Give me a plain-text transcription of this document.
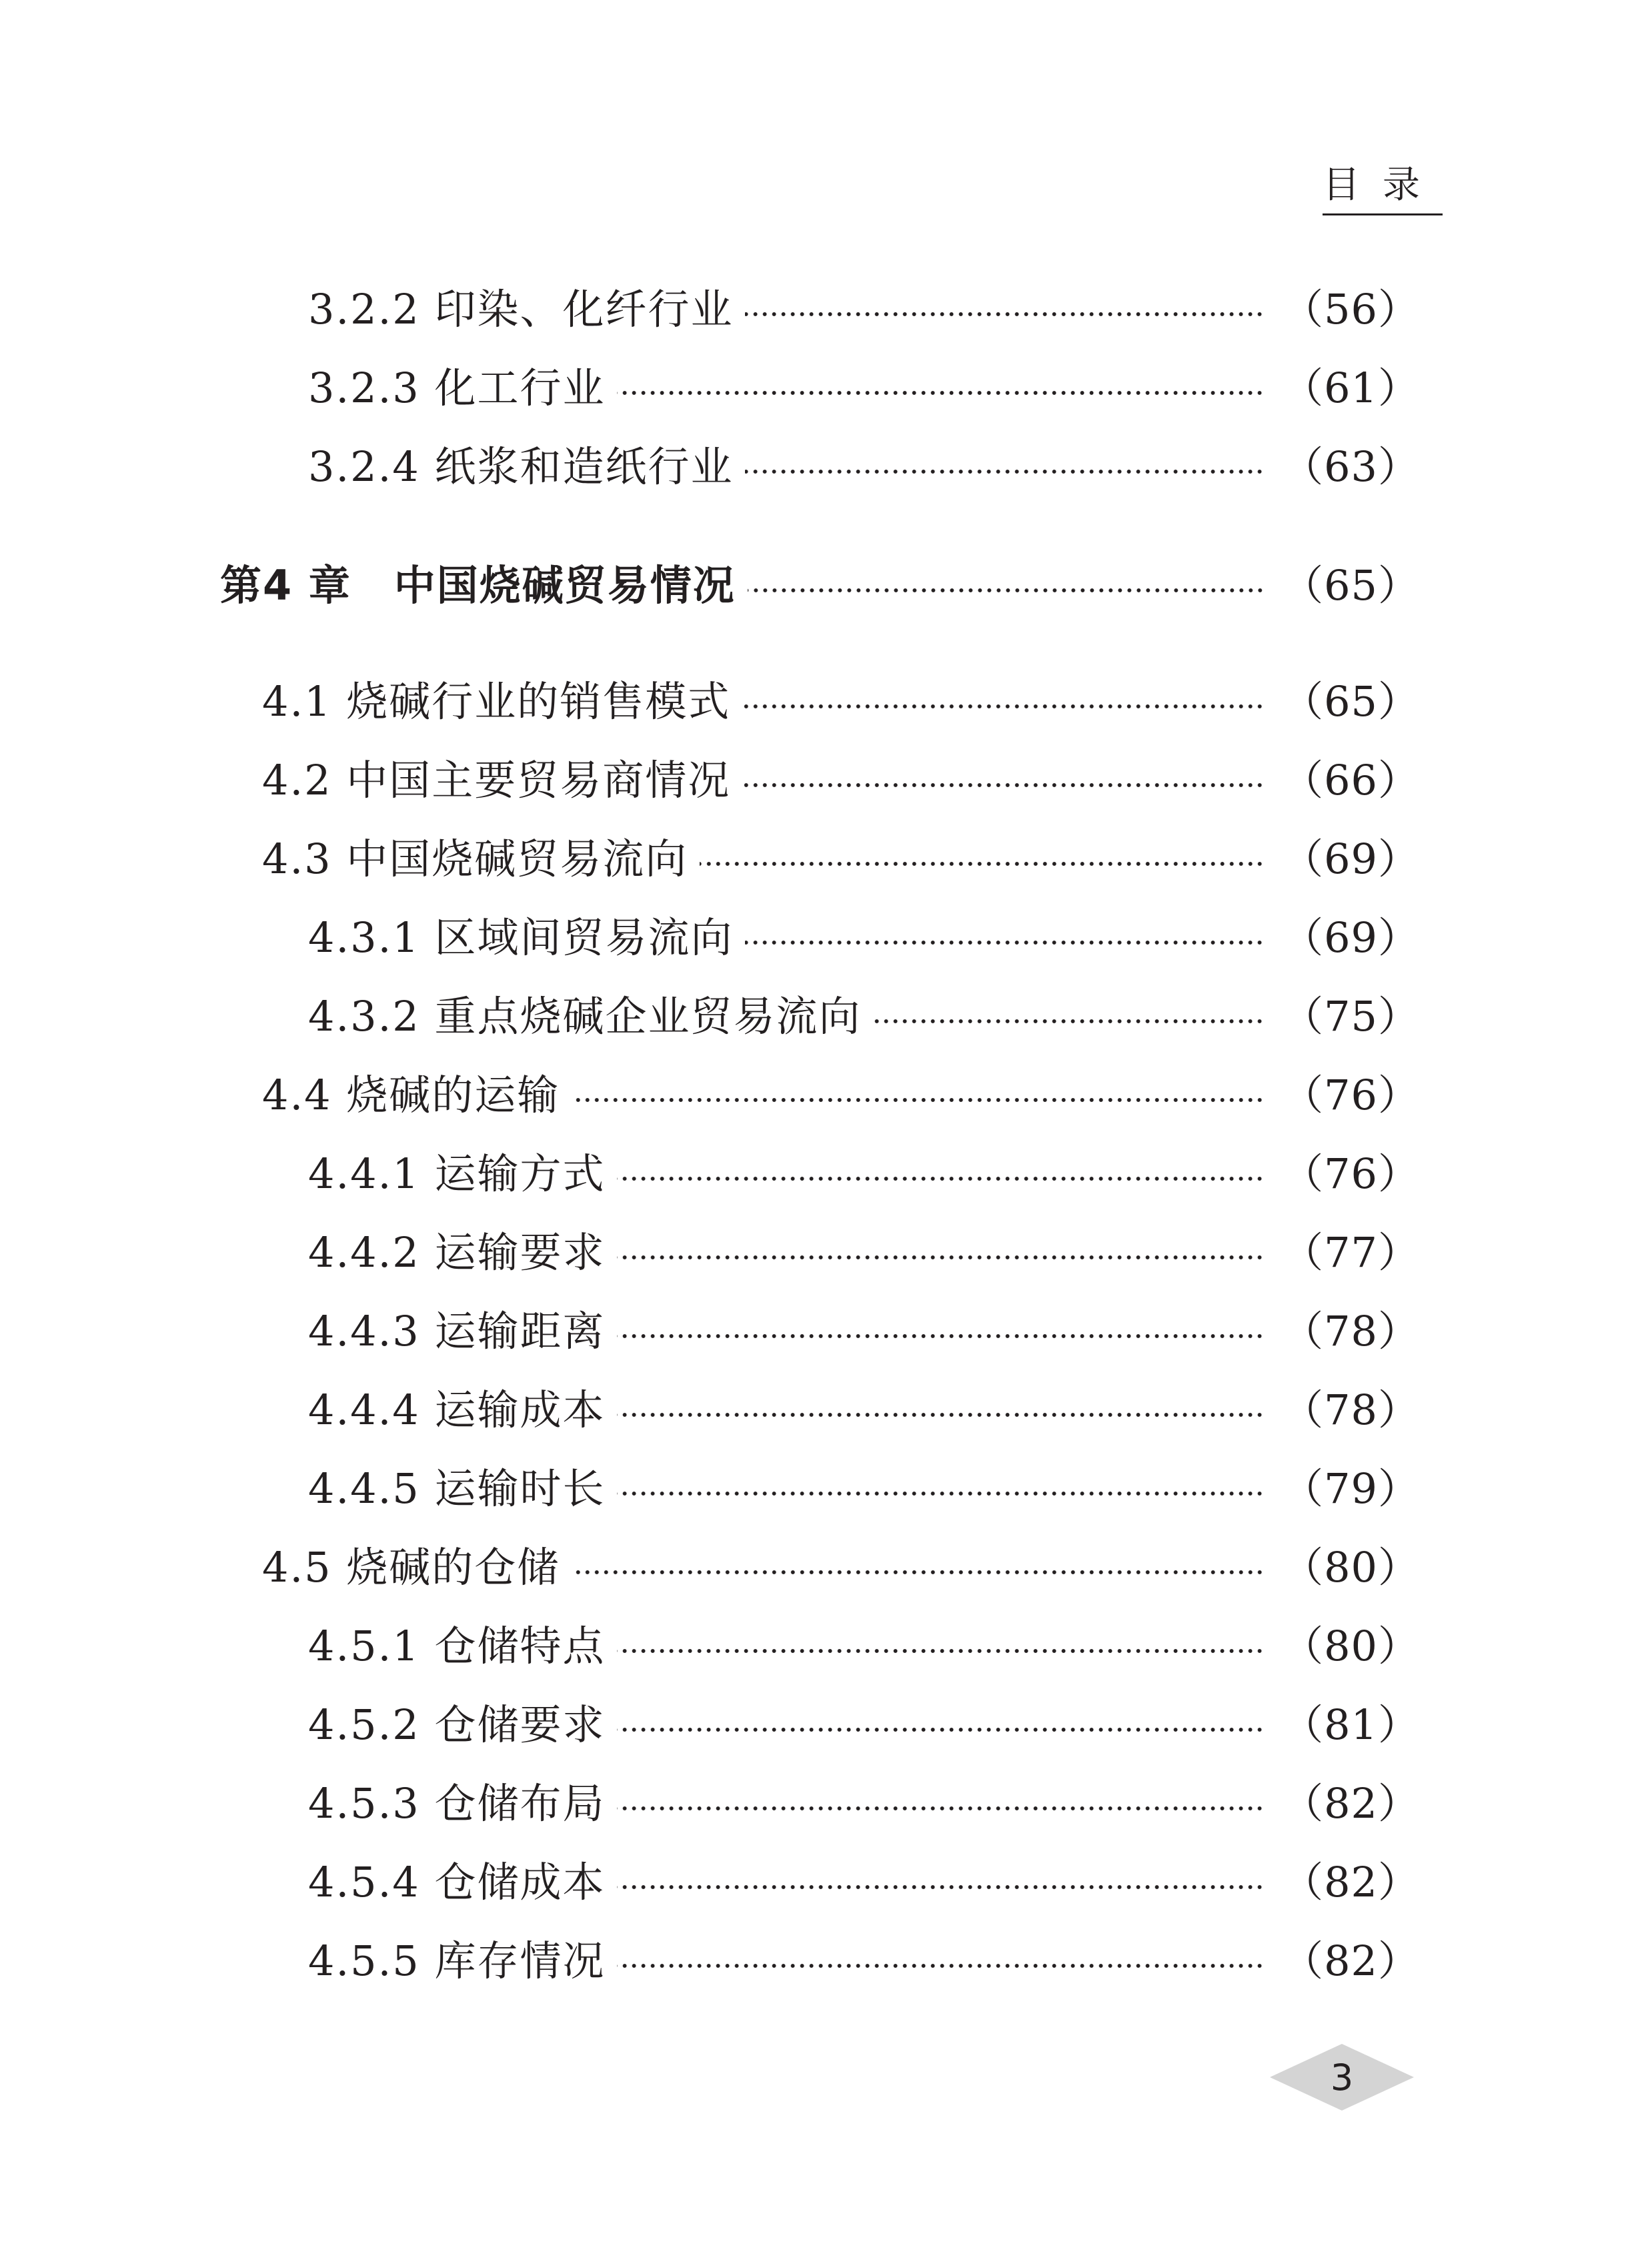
目录
3.2.2 印染、化纤行业	（56）
3.2.3 化工行业	（61）
3.2.4 纸浆和造纸行业	（63）
第4 章　中国烧碱贸易情况	（65）
4.1 烧碱行业的销售模式	（65）
4.2 中国主要贸易商情况	（66）
4.3 中国烧碱贸易流向	（69）
4.3.1 区域间贸易流向	（69）
4.3.2 重点烧碱企业贸易流向	（75）
4.4 烧碱的运输	（76）
4.4.1 运输方式	（76）
4.4.2 运输要求	（77）
4.4.3 运输距离	（78）
4.4.4 运输成本	（78）
4.4.5 运输时长	（79）
4.5 烧碱的仓储	（80）
4.5.1 仓储特点	（80）
4.5.2 仓储要求	（81）
4.5.3 仓储布局	（82）
4.5.4 仓储成本	（82）
4.5.5 库存情况	（82）
3
